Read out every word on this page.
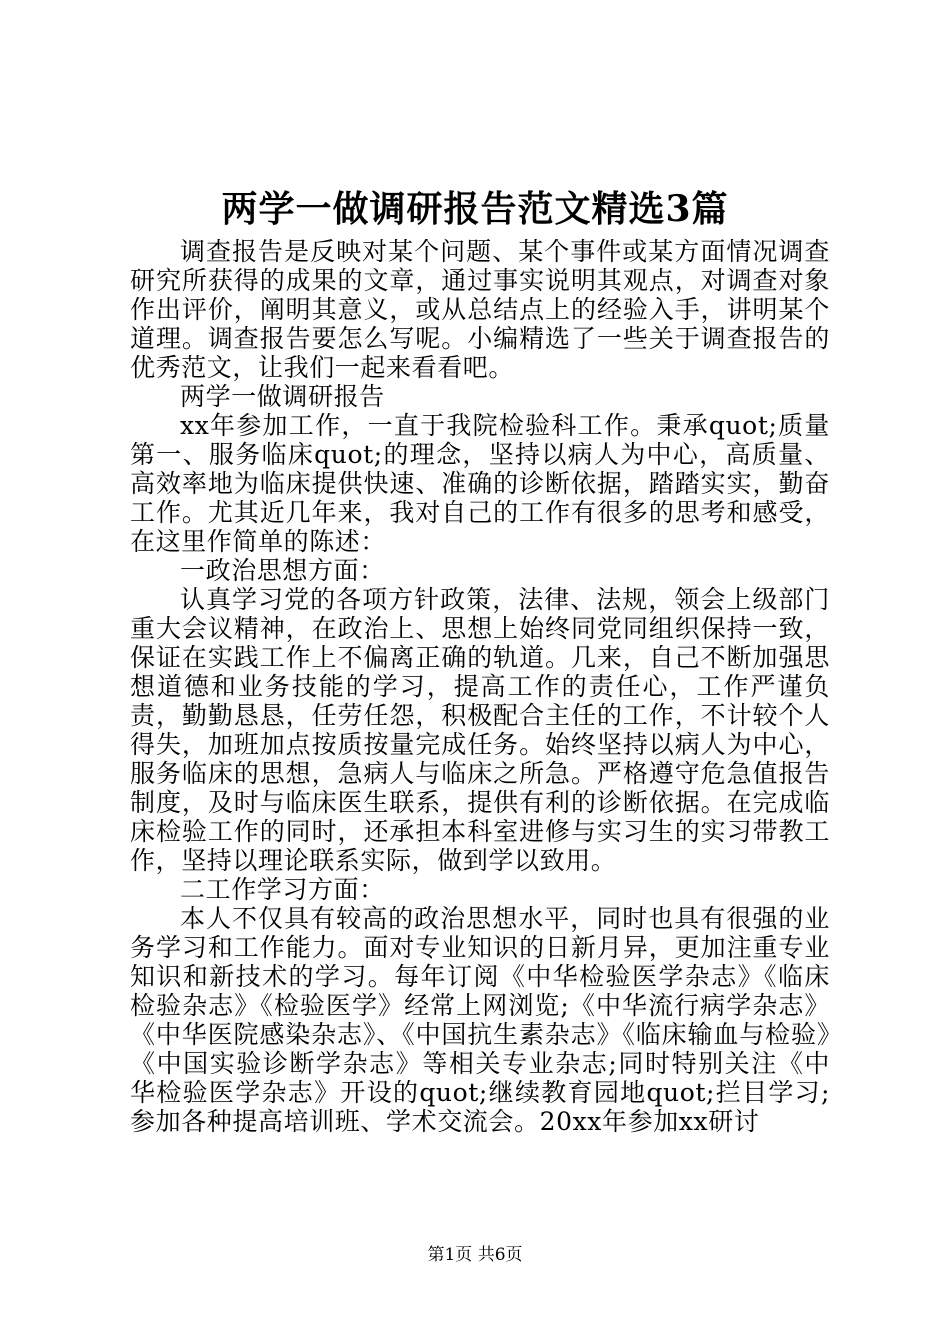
两学一做调研报告范文精选3篇

调查报告是反映对某个问题、某个事件或某方面情况调查研究所获得的成果的文章，通过事实说明其观点，对调查对象作出评价，阐明其意义，或从总结点上的经验入手，讲明某个道理。调查报告要怎么写呢。小编精选了一些关于调查报告的优秀范文，让我们一起来看看吧。

两学一做调研报告

xx年参加工作，一直于我院检验科工作。秉承quot;质量第一、服务临床quot;的理念，坚持以病人为中心，高质量、高效率地为临床提供快速、准确的诊断依据，踏踏实实，勤奋工作。尤其近几年来，我对自己的工作有很多的思考和感受，在这里作简单的陈述：

一政治思想方面：

认真学习党的各项方针政策，法律、法规，领会上级部门重大会议精神，在政治上、思想上始终同党同组织保持一致，保证在实践工作上不偏离正确的轨道。几来，自己不断加强思想道德和业务技能的学习，提高工作的责任心，工作严谨负责，勤勤恳恳，任劳任怨，积极配合主任的工作，不计较个人得失，加班加点按质按量完成任务。始终坚持以病人为中心，服务临床的思想，急病人与临床之所急。严格遵守危急值报告制度，及时与临床医生联系，提供有利的诊断依据。在完成临床检验工作的同时，还承担本科室进修与实习生的实习带教工作，坚持以理论联系实际，做到学以致用。

二工作学习方面：

本人不仅具有较高的政治思想水平，同时也具有很强的业务学习和工作能力。面对专业知识的日新月异，更加注重专业知识和新技术的学习。每年订阅《中华检验医学杂志》《临床检验杂志》《检验医学》经常上网浏览;《中华流行病学杂志》《中华医院感染杂志》、《中国抗生素杂志》《临床输血与检验》《中国实验诊断学杂志》等相关专业杂志;同时特别关注《中华检验医学杂志》开设的quot;继续教育园地quot;拦目学习;参加各种提高培训班、学术交流会。20xx年参加xx研讨

第1页 共6页
